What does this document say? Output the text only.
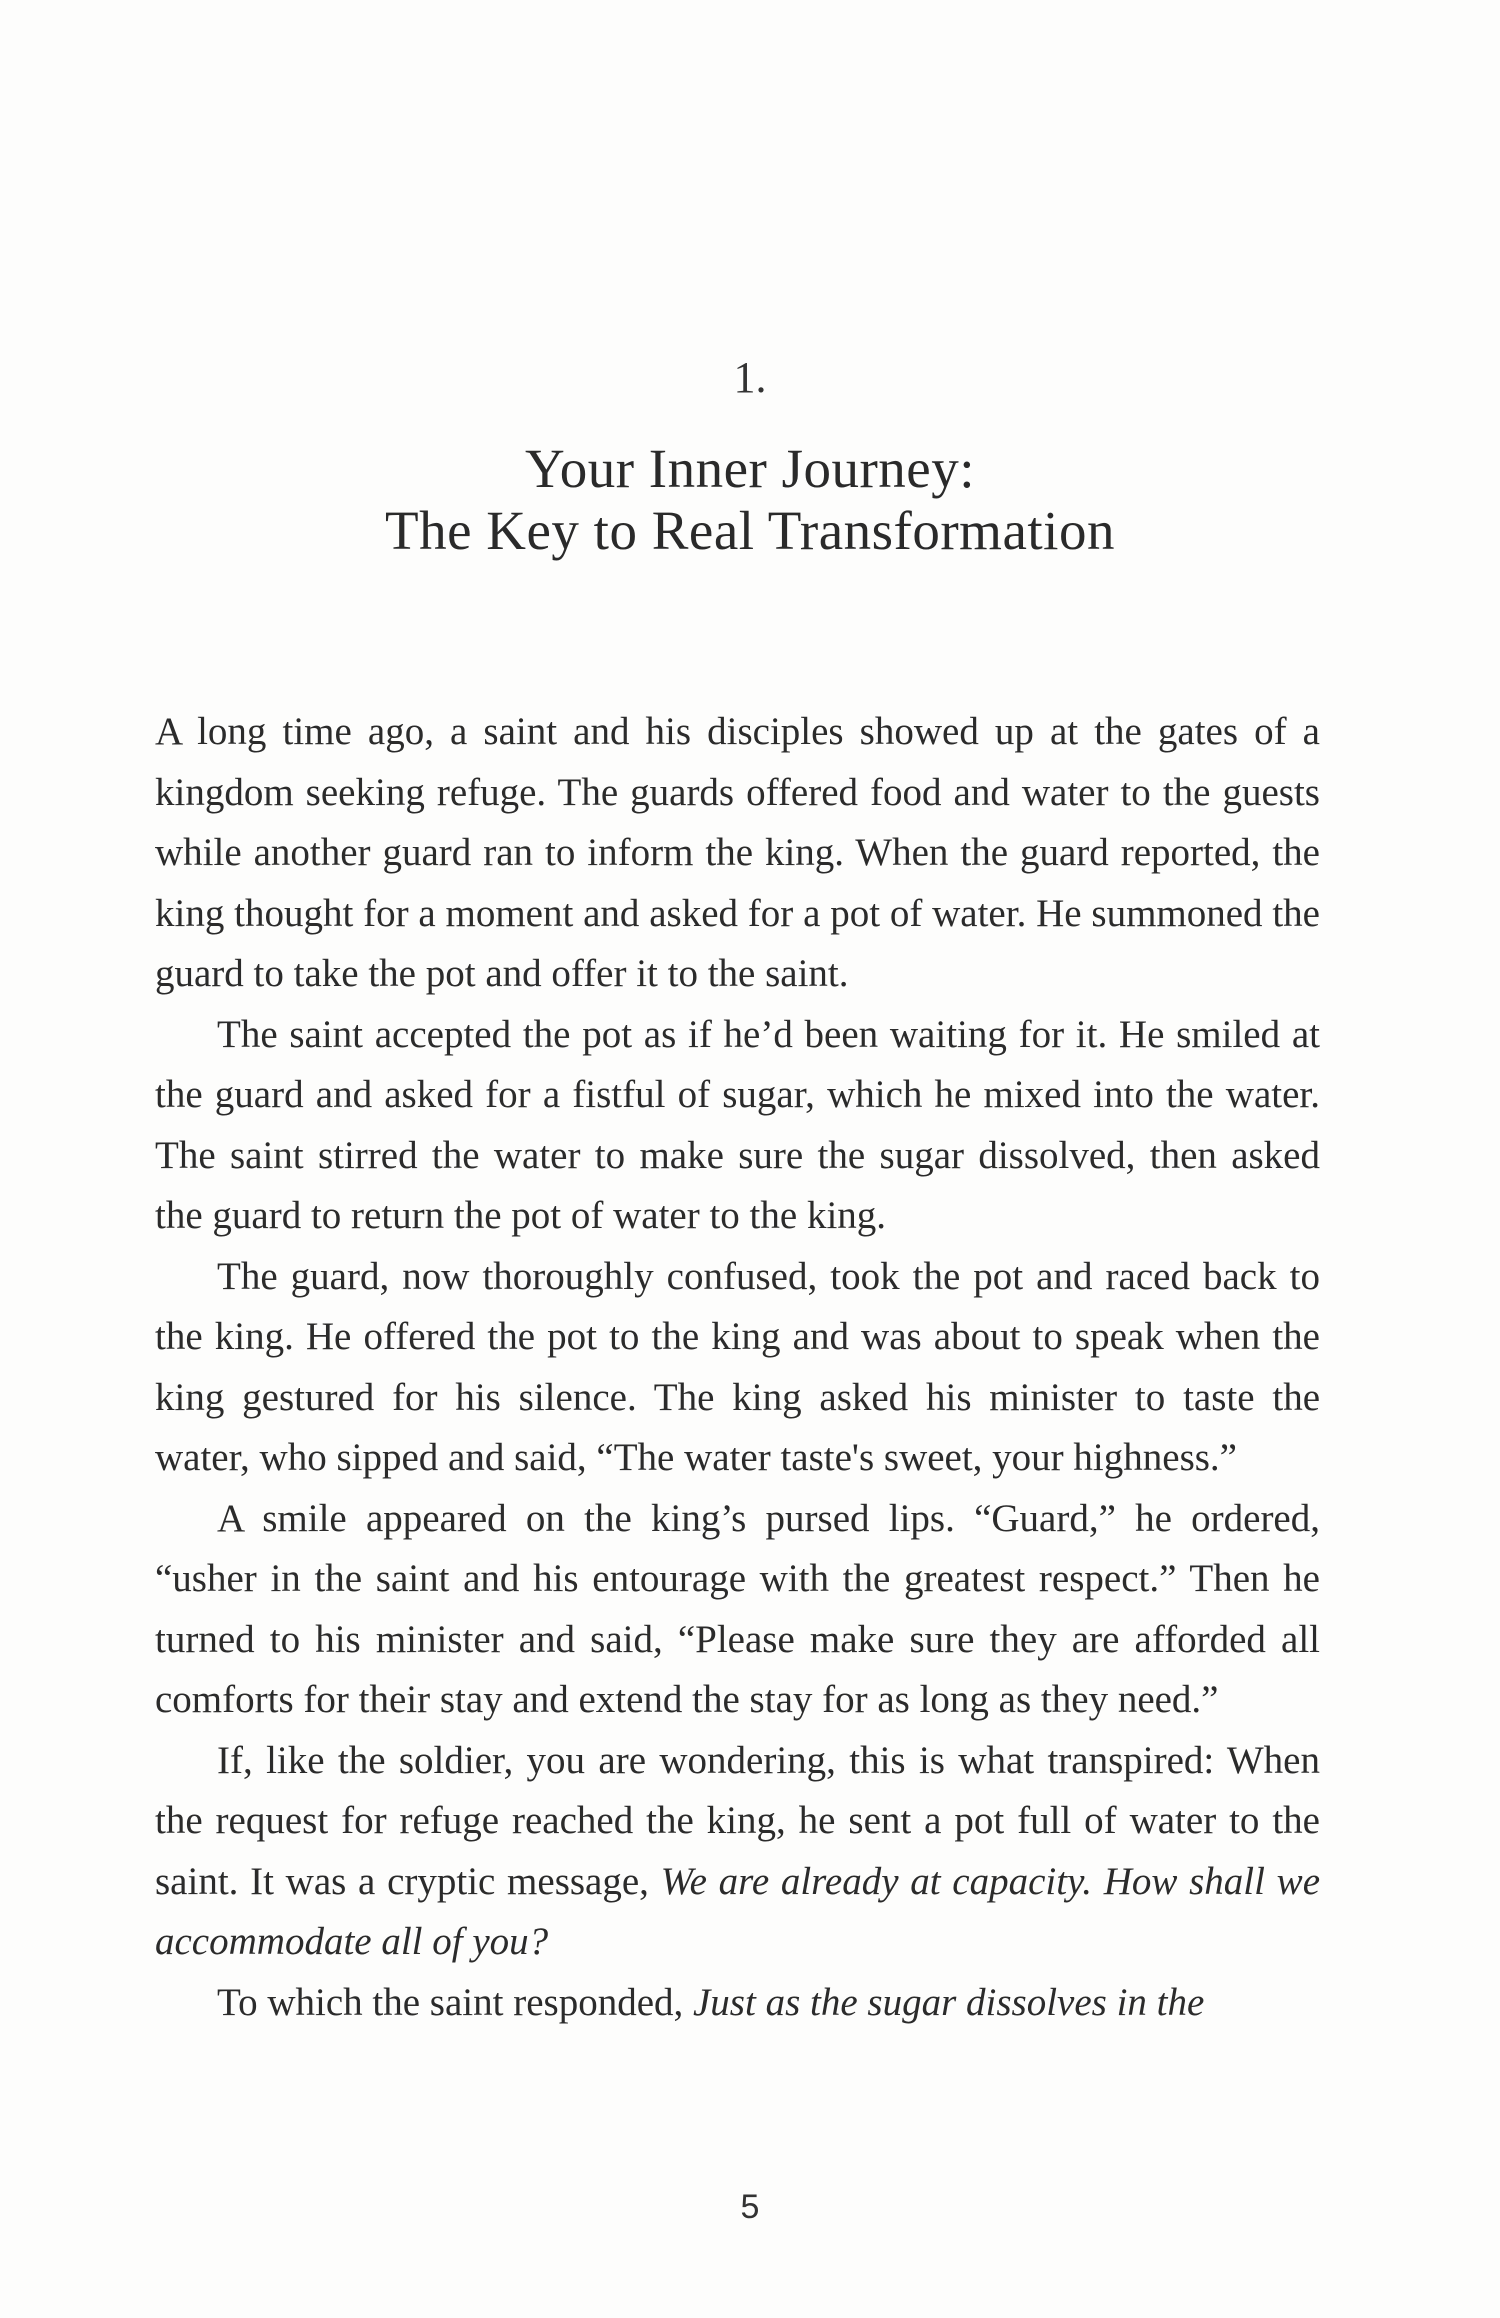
1.
Your Inner Journey:
The Key to Real Transformation

A long time ago, a saint and his disciples showed up at the gates of a kingdom seeking refuge. The guards offered food and water to the guests while another guard ran to inform the king. When the guard reported, the king thought for a moment and asked for a pot of water. He summoned the guard to take the pot and offer it to the saint.

The saint accepted the pot as if he’d been waiting for it. He smiled at the guard and asked for a fistful of sugar, which he mixed into the water. The saint stirred the water to make sure the sugar dissolved, then asked the guard to return the pot of water to the king.

The guard, now thoroughly confused, took the pot and raced back to the king. He offered the pot to the king and was about to speak when the king gestured for his silence. The king asked his minister to taste the water, who sipped and said, “The water taste's sweet, your highness.”

A smile appeared on the king’s pursed lips. “Guard,” he ordered, “usher in the saint and his entourage with the greatest respect.” Then he turned to his minister and said, “Please make sure they are afforded all comforts for their stay and extend the stay for as long as they need.”

If, like the soldier, you are wondering, this is what transpired: When the request for refuge reached the king, he sent a pot full of water to the saint. It was a cryptic message, We are already at capacity. How shall we accommodate all of you?

To which the saint responded, Just as the sugar dissolves in the

5
